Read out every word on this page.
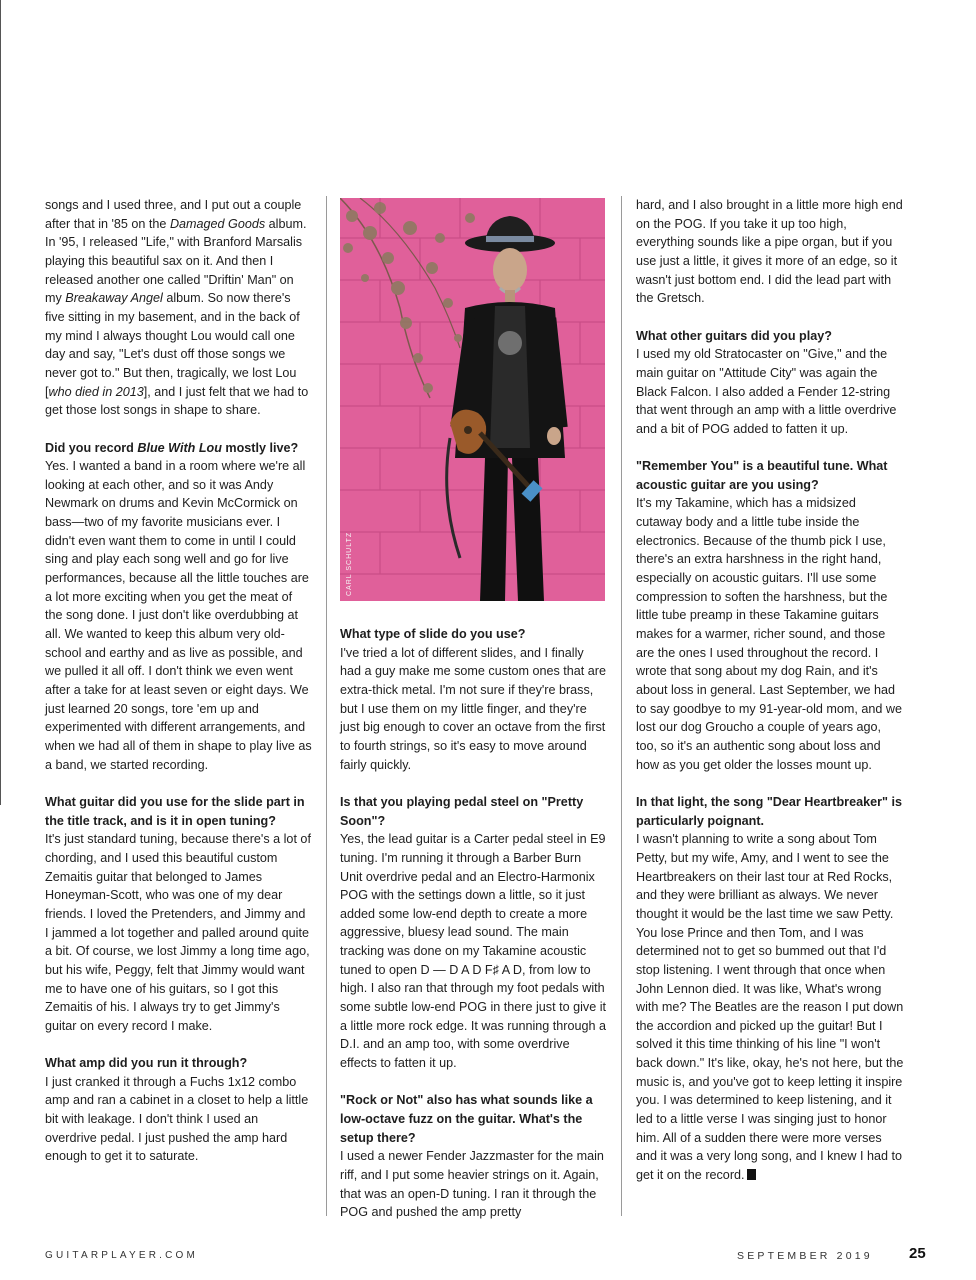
songs and I used three, and I put out a couple after that in '85 on the Damaged Goods album. In '95, I released "Life," with Branford Marsalis playing this beautiful sax on it. And then I released another one called "Driftin' Man" on my Breakaway Angel album. So now there's five sitting in my basement, and in the back of my mind I always thought Lou would call one day and say, "Let's dust off those songs we never got to." But then, tragically, we lost Lou [who died in 2013], and I just felt that we had to get those lost songs in shape to share.

Did you record Blue With Lou mostly live?

Yes. I wanted a band in a room where we're all looking at each other, and so it was Andy Newmark on drums and Kevin McCormick on bass—two of my favorite musicians ever. I didn't even want them to come in until I could sing and play each song well and go for live performances, because all the little touches are a lot more exciting when you get the meat of the song done. I just don't like overdubbing at all. We wanted to keep this album very old-school and earthy and as live as possible, and we pulled it all off. I don't think we even went after a take for at least seven or eight days. We just learned 20 songs, tore 'em up and experimented with different arrangements, and when we had all of them in shape to play live as a band, we started recording.

What guitar did you use for the slide part in the title track, and is it in open tuning?

It's just standard tuning, because there's a lot of chording, and I used this beautiful custom Zemaitis guitar that belonged to James Honeyman-Scott, who was one of my dear friends. I loved the Pretenders, and Jimmy and I jammed a lot together and palled around quite a bit. Of course, we lost Jimmy a long time ago, but his wife, Peggy, felt that Jimmy would want me to have one of his guitars, so I got this Zemaitis of his. I always try to get Jimmy's guitar on every record I make.

What amp did you run it through?

I just cranked it through a Fuchs 1x12 combo amp and ran a cabinet in a closet to help a little bit with leakage. I don't think I used an overdrive pedal. I just pushed the amp hard enough to get it to saturate.

CARL SCHULTZ
What type of slide do you use?

I've tried a lot of different slides, and I finally had a guy make me some custom ones that are extra-thick metal. I'm not sure if they're brass, but I use them on my little finger, and they're just big enough to cover an octave from the first to fourth strings, so it's easy to move around fairly quickly.

Is that you playing pedal steel on "Pretty Soon"?

Yes, the lead guitar is a Carter pedal steel in E9 tuning. I'm running it through a Barber Burn Unit overdrive pedal and an Electro-Harmonix POG with the settings down a little, so it just added some low-end depth to create a more aggressive, bluesy lead sound. The main tracking was done on my Takamine acoustic tuned to open D — D A D F♯ A D, from low to high. I also ran that through my foot pedals with some subtle low-end POG in there just to give it a little more rock edge. It was running through a D.I. and an amp too, with some overdrive effects to fatten it up.

"Rock or Not" also has what sounds like a low-octave fuzz on the guitar. What's the setup there?

I used a newer Fender Jazzmaster for the main riff, and I put some heavier strings on it. Again, that was an open-D tuning. I ran it through the POG and pushed the amp pretty

hard, and I also brought in a little more high end on the POG. If you take it up too high, everything sounds like a pipe organ, but if you use just a little, it gives it more of an edge, so it wasn't just bottom end. I did the lead part with the Gretsch.

What other guitars did you play?

I used my old Stratocaster on "Give," and the main guitar on "Attitude City" was again the Black Falcon. I also added a Fender 12-string that went through an amp with a little overdrive and a bit of POG added to fatten it up.

"Remember You" is a beautiful tune. What acoustic guitar are you using?

It's my Takamine, which has a midsized cutaway body and a little tube inside the electronics. Because of the thumb pick I use, there's an extra harshness in the right hand, especially on acoustic guitars. I'll use some compression to soften the harshness, but the little tube preamp in these Takamine guitars makes for a warmer, richer sound, and those are the ones I used throughout the record. I wrote that song about my dog Rain, and it's about loss in general. Last September, we had to say goodbye to my 91-year-old mom, and we lost our dog Groucho a couple of years ago, too, so it's an authentic song about loss and how as you get older the losses mount up.

In that light, the song "Dear Heartbreaker" is particularly poignant.

I wasn't planning to write a song about Tom Petty, but my wife, Amy, and I went to see the Heartbreakers on their last tour at Red Rocks, and they were brilliant as always. We never thought it would be the last time we saw Petty. You lose Prince and then Tom, and I was determined not to get so bummed out that I'd stop listening. I went through that once when John Lennon died. It was like, What's wrong with me? The Beatles are the reason I put down the accordion and picked up the guitar! But I solved it this time thinking of his line "I won't back down." It's like, okay, he's not here, but the music is, and you've got to keep letting it inspire you. I was determined to keep listening, and it led to a little verse I was singing just to honor him. All of a sudden there were more verses and it was a very long song, and I knew I had to get it on the record.

GUITARPLAYER.COM	SEPTEMBER 2019 25
